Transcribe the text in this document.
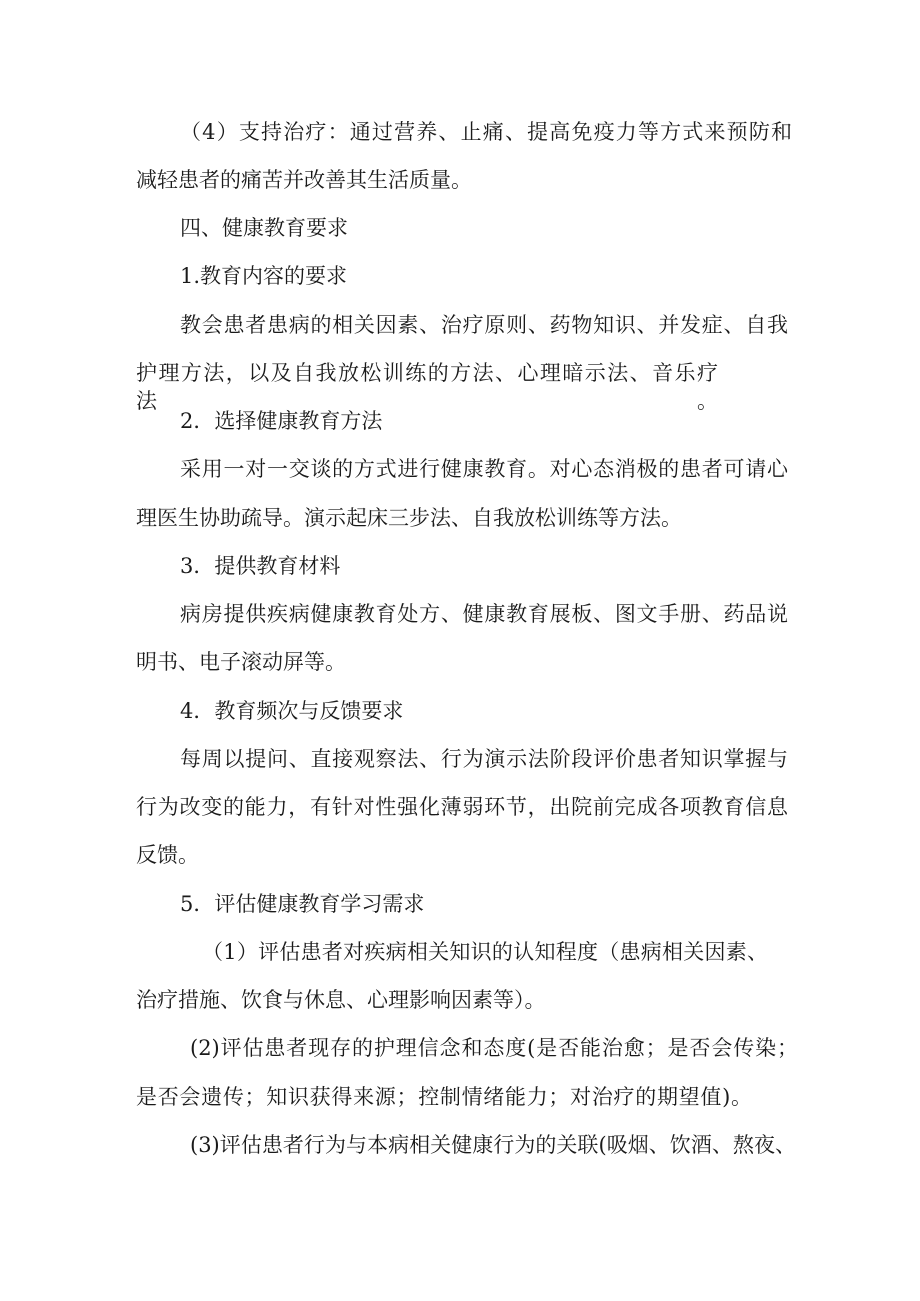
（4）支持治疗：通过营养、止痛、提高免疫力等方式来预防和

减轻患者的痛苦并改善其生活质量。

四、健康教育要求

1.教育内容的要求

教会患者患病的相关因素、治疗原则、药物知识、并发症、自我

护理方法，以及自我放松训练的方法、心理暗示法、音乐疗法。

2．选择健康教育方法

采用一对一交谈的方式进行健康教育。对心态消极的患者可请心

理医生协助疏导。演示起床三步法、自我放松训练等方法。

3．提供教育材料

病房提供疾病健康教育处方、健康教育展板、图文手册、药品说

明书、电子滚动屏等。

4．教育频次与反馈要求

每周以提问、直接观察法、行为演示法阶段评价患者知识掌握与

行为改变的能力，有针对性强化薄弱环节，出院前完成各项教育信息

反馈。

5．评估健康教育学习需求

（1）评估患者对疾病相关知识的认知程度（患病相关因素、

治疗措施、饮食与休息、心理影响因素等）。

(2)评估患者现存的护理信念和态度(是否能治愈；是否会传染；

是否会遗传；知识获得来源；控制情绪能力；对治疗的期望值)。

(3)评估患者行为与本病相关健康行为的关联(吸烟、饮酒、熬夜、
